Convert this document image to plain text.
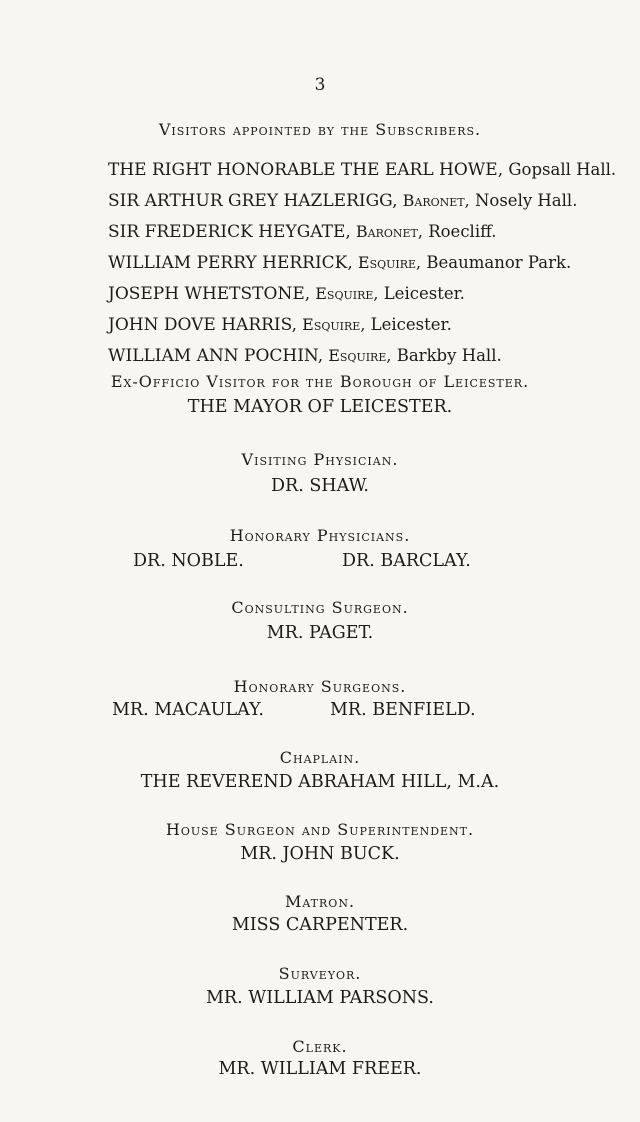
3
Visitors appointed by the Subscribers.
THE RIGHT HONORABLE THE EARL HOWE, Gopsall Hall.
SIR ARTHUR GREY HAZLERIGG, Baronet, Nosely Hall.
SIR FREDERICK HEYGATE, Baronet, Roecliff.
WILLIAM PERRY HERRICK, Esquire, Beaumanor Park.
JOSEPH WHETSTONE, Esquire, Leicester.
JOHN DOVE HARRIS, Esquire, Leicester.
WILLIAM ANN POCHIN, Esquire, Barkby Hall.
Ex-Officio Visitor for the Borough of Leicester.
THE MAYOR OF LEICESTER.
Visiting Physician.
DR. SHAW.
Honorary Physicians.
DR. NOBLE.	DR. BARCLAY.
Consulting Surgeon.
MR. PAGET.
Honorary Surgeons.
MR. MACAULAY.	MR. BENFIELD.
Chaplain.
THE REVEREND ABRAHAM HILL, M.A.
House Surgeon and Superintendent.
MR. JOHN BUCK.
Matron.
MISS CARPENTER.
Surveyor.
MR. WILLIAM PARSONS.
Clerk.
MR. WILLIAM FREER.
